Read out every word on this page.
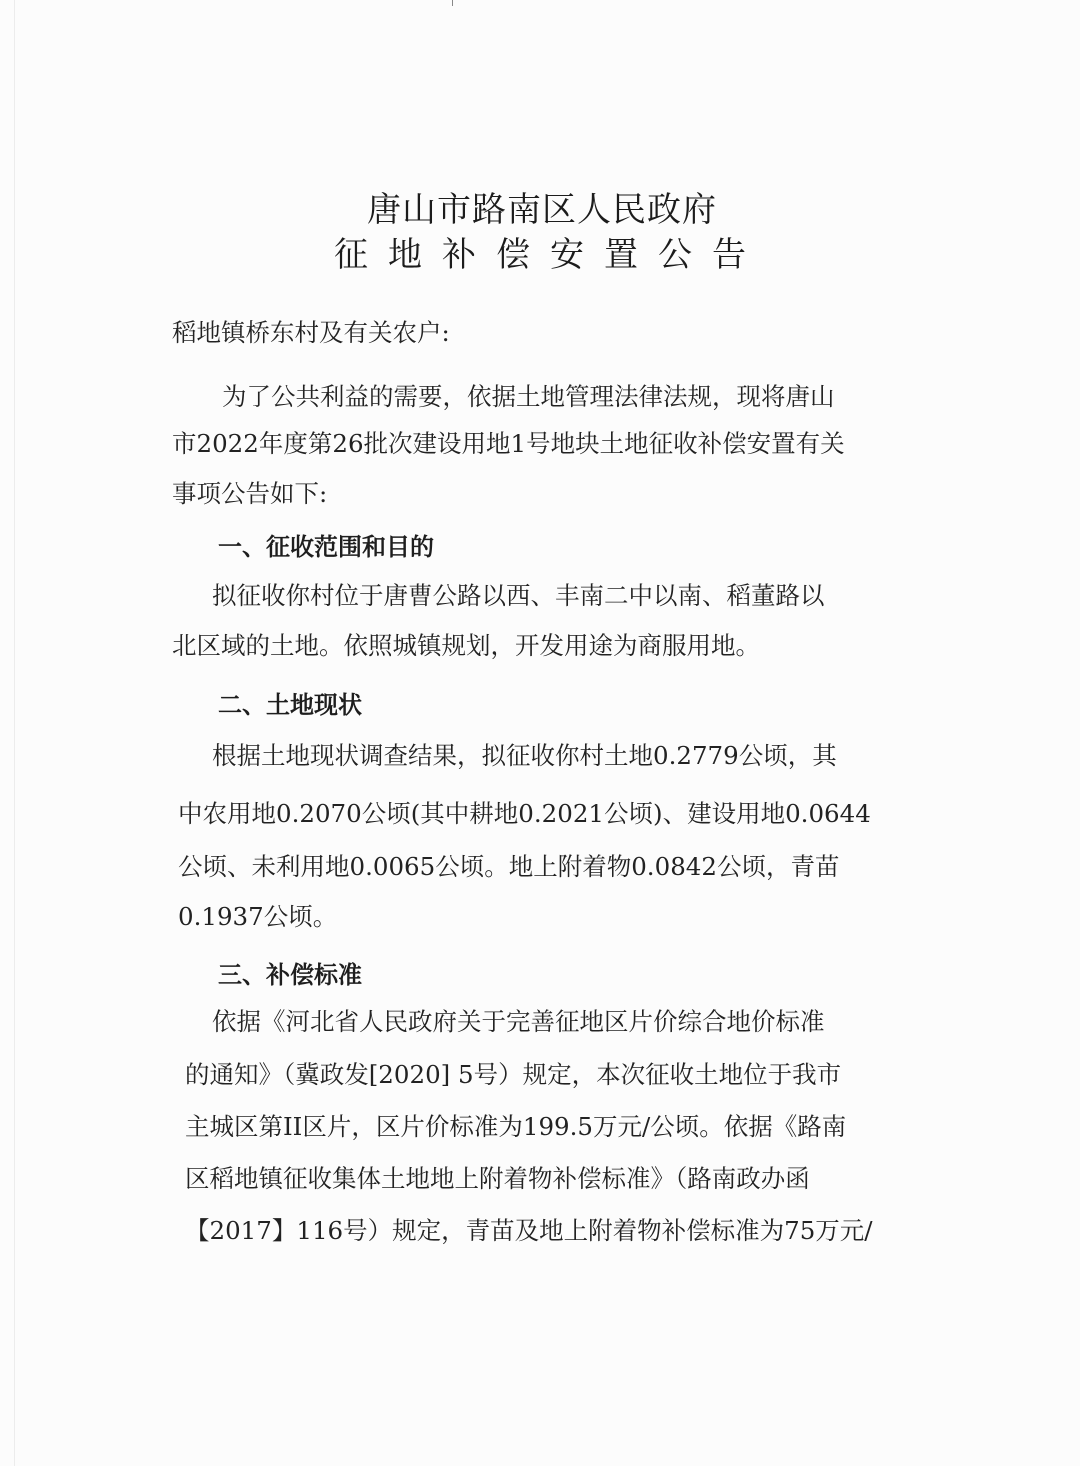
唐山市路南区人民政府
征地补偿安置公告
稻地镇桥东村及有关农户:
为了公共利益的需要，依据土地管理法律法规，现将唐山
市2022年度第26批次建设用地1号地块土地征收补偿安置有关
事项公告如下:
一、征收范围和目的
拟征收你村位于唐曹公路以西、丰南二中以南、稻董路以
北区域的土地。依照城镇规划，开发用途为商服用地。
二、土地现状
根据土地现状调查结果，拟征收你村土地0.2779公顷，其
中农用地0.2070公顷(其中耕地0.2021公顷)、建设用地0.0644
公顷、未利用地0.0065公顷。地上附着物0.0842公顷，青苗
0.1937公顷。
三、补偿标准
依据《河北省人民政府关于完善征地区片价综合地价标准
的通知》（冀政发[2020] 5号）规定，本次征收土地位于我市
主城区第II区片，区片价标准为199.5万元/公顷。依据《路南
区稻地镇征收集体土地地上附着物补偿标准》（路南政办函
【2017】116号）规定，青苗及地上附着物补偿标准为75万元/
